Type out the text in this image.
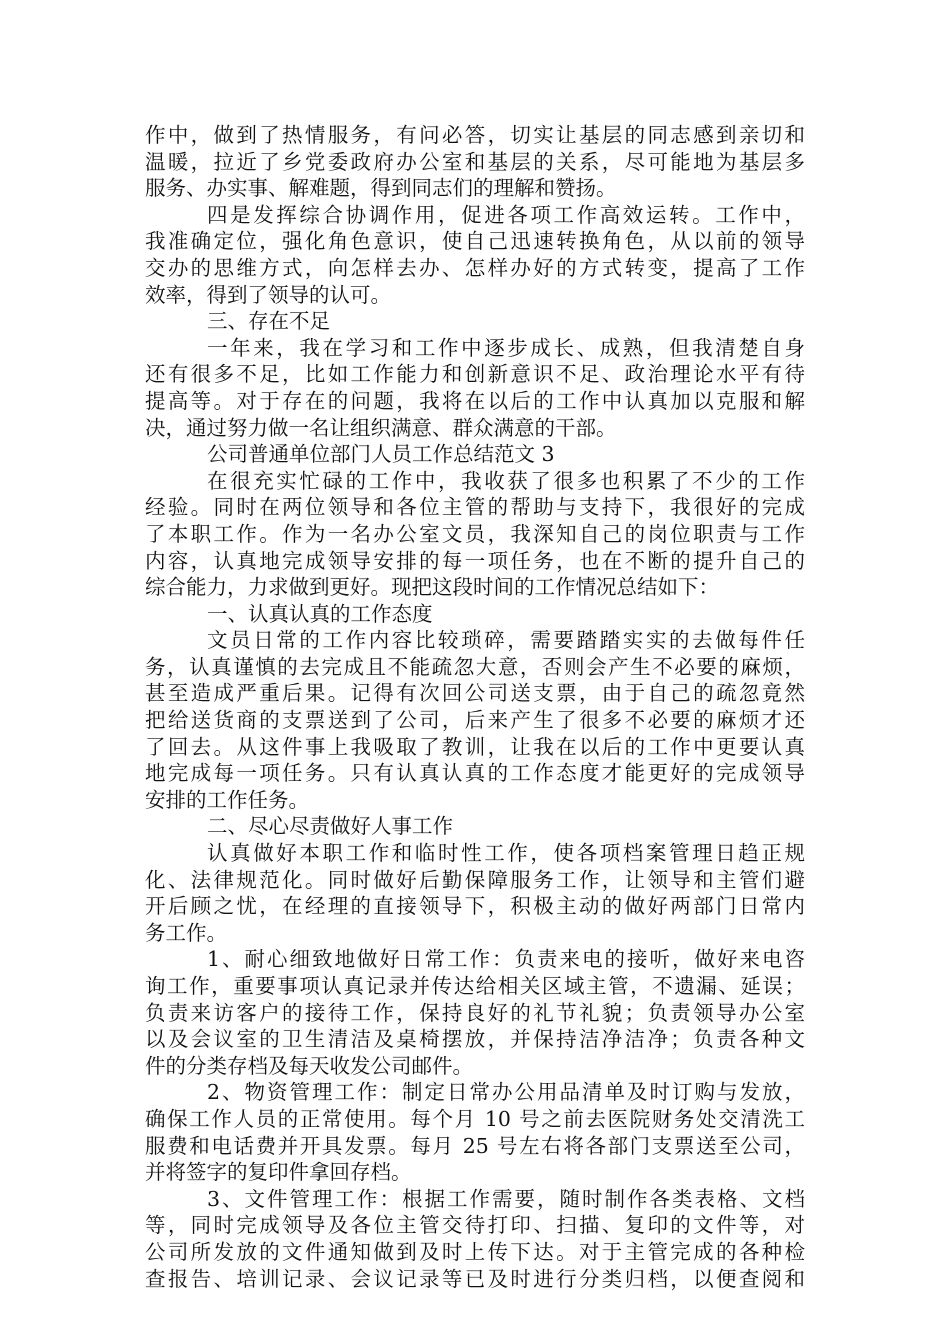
作中，做到了热情服务，有问必答，切实让基层的同志感到亲切和
温暖，拉近了乡党委政府办公室和基层的关系，尽可能地为基层多
服务、办实事、解难题，得到同志们的理解和赞扬。
四是发挥综合协调作用，促进各项工作高效运转。工作中，
我准确定位，强化角色意识，使自己迅速转换角色，从以前的领导
交办的思维方式，向怎样去办、怎样办好的方式转变，提高了工作
效率，得到了领导的认可。
三、存在不足
一年来，我在学习和工作中逐步成长、成熟，但我清楚自身
还有很多不足，比如工作能力和创新意识不足、政治理论水平有待
提高等。对于存在的问题，我将在以后的工作中认真加以克服和解
决，通过努力做一名让组织满意、群众满意的干部。
公司普通单位部门人员工作总结范文 3
在很充实忙碌的工作中，我收获了很多也积累了不少的工作
经验。同时在两位领导和各位主管的帮助与支持下，我很好的完成
了本职工作。作为一名办公室文员，我深知自己的岗位职责与工作
内容，认真地完成领导安排的每一项任务，也在不断的提升自己的
综合能力，力求做到更好。现把这段时间的工作情况总结如下：
一、认真认真的工作态度
文员日常的工作内容比较琐碎，需要踏踏实实的去做每件任
务，认真谨慎的去完成且不能疏忽大意，否则会产生不必要的麻烦，
甚至造成严重后果。记得有次回公司送支票，由于自己的疏忽竟然
把给送货商的支票送到了公司，后来产生了很多不必要的麻烦才还
了回去。从这件事上我吸取了教训，让我在以后的工作中更要认真
地完成每一项任务。只有认真认真的工作态度才能更好的完成领导
安排的工作任务。
二、尽心尽责做好人事工作
认真做好本职工作和临时性工作，使各项档案管理日趋正规
化、法律规范化。同时做好后勤保障服务工作，让领导和主管们避
开后顾之忧，在经理的直接领导下，积极主动的做好两部门日常内
务工作。
1、耐心细致地做好日常工作：负责来电的接听，做好来电咨
询工作，重要事项认真记录并传达给相关区域主管，不遗漏、延误；
负责来访客户的接待工作，保持良好的礼节礼貌；负责领导办公室
以及会议室的卫生清洁及桌椅摆放，并保持洁净洁净；负责各种文
件的分类存档及每天收发公司邮件。
2、物资管理工作：制定日常办公用品清单及时订购与发放，
确保工作人员的正常使用。每个月 10 号之前去医院财务处交清洗工
服费和电话费并开具发票。每月 25 号左右将各部门支票送至公司，
并将签字的复印件拿回存档。
3、文件管理工作：根据工作需要，随时制作各类表格、文档
等，同时完成领导及各位主管交待打印、扫描、复印的文件等，对
公司所发放的文件通知做到及时上传下达。对于主管完成的各种检
查报告、培训记录、会议记录等已及时进行分类归档，以便查阅和
